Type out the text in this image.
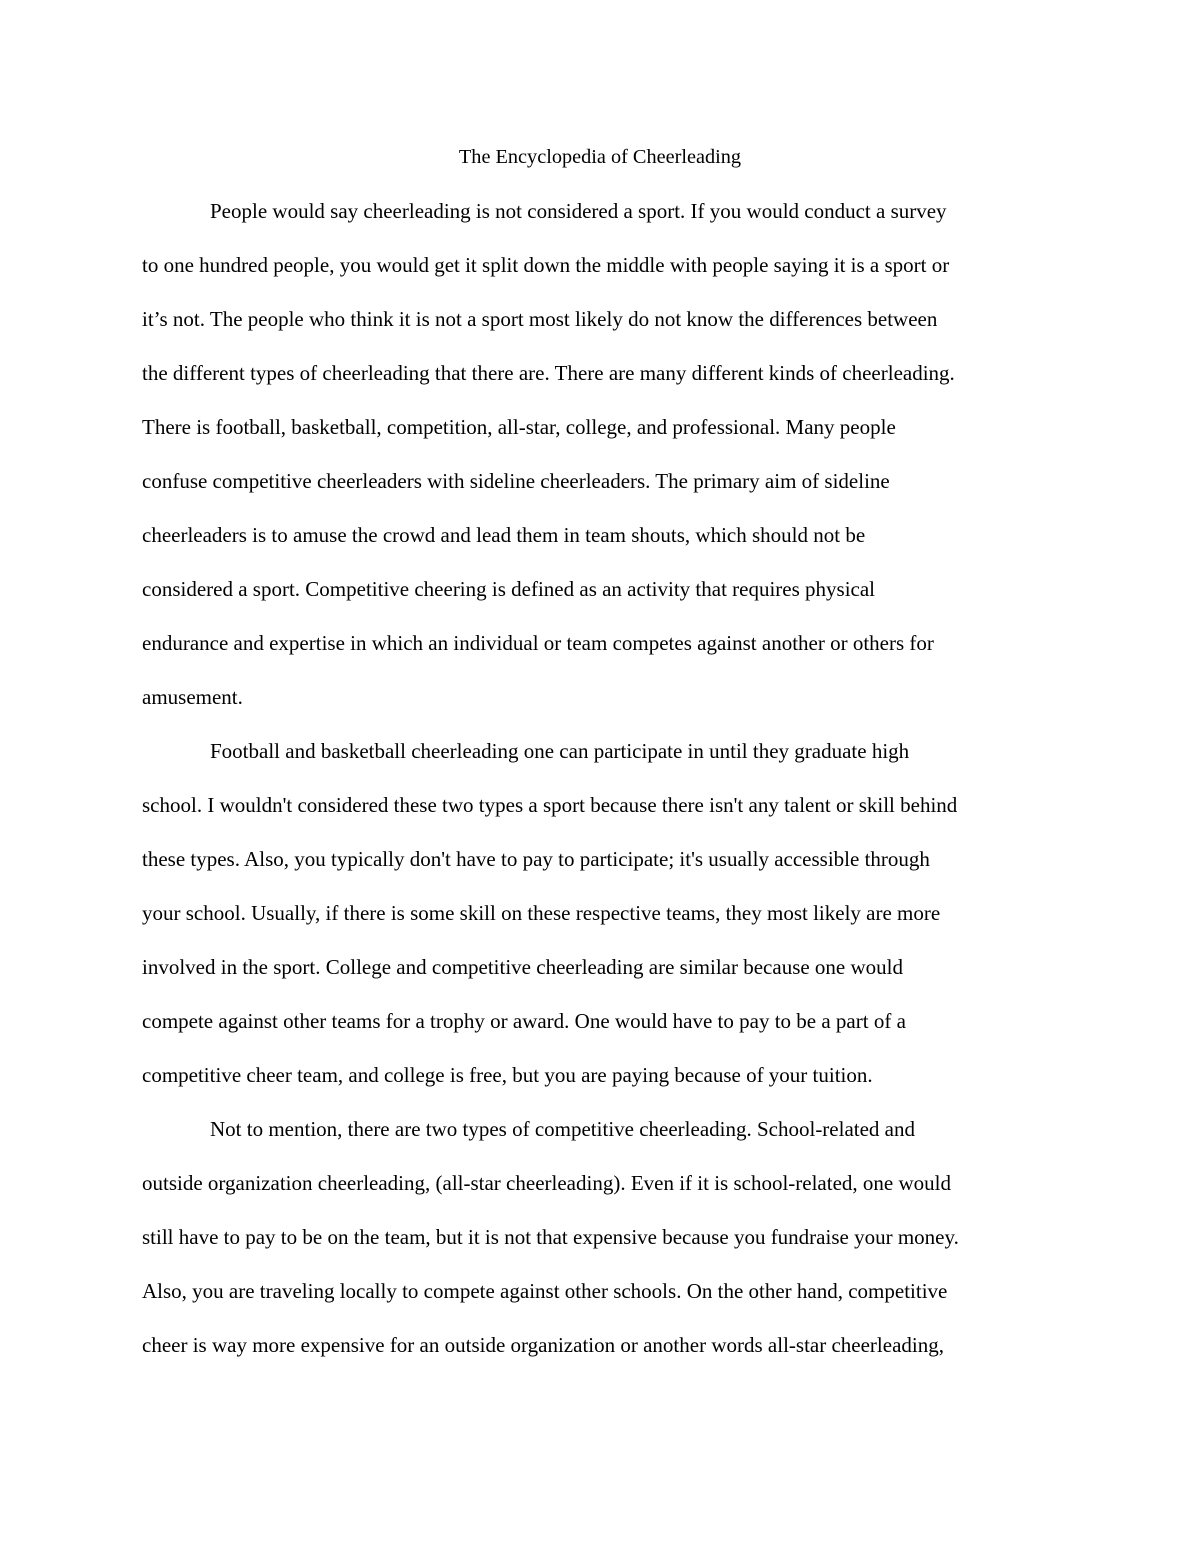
The Encyclopedia of Cheerleading
People would say cheerleading is not considered a sport. If you would conduct a survey
to one hundred people, you would get it split down the middle with people saying it is a sport or
it’s not. The people who think it is not a sport most likely do not know the differences between
the different types of cheerleading that there are. There are many different kinds of cheerleading.
There is football, basketball, competition, all-star, college, and professional. Many people
confuse competitive cheerleaders with sideline cheerleaders. The primary aim of sideline
cheerleaders is to amuse the crowd and lead them in team shouts, which should not be
considered a sport. Competitive cheering is defined as an activity that requires physical
endurance and expertise in which an individual or team competes against another or others for
amusement.
Football and basketball cheerleading one can participate in until they graduate high
school. I wouldn't considered these two types a sport because there isn't any talent or skill behind
these types. Also, you typically don't have to pay to participate; it's usually accessible through
your school. Usually, if there is some skill on these respective teams, they most likely are more
involved in the sport. College and competitive cheerleading are similar because one would
compete against other teams for a trophy or award. One would have to pay to be a part of a
competitive cheer team, and college is free, but you are paying because of your tuition.
Not to mention, there are two types of competitive cheerleading. School-related and
outside organization cheerleading, (all-star cheerleading). Even if it is school-related, one would
still have to pay to be on the team, but it is not that expensive because you fundraise your money.
Also, you are traveling locally to compete against other schools. On the other hand, competitive
cheer is way more expensive for an outside organization or another words all-star cheerleading,
